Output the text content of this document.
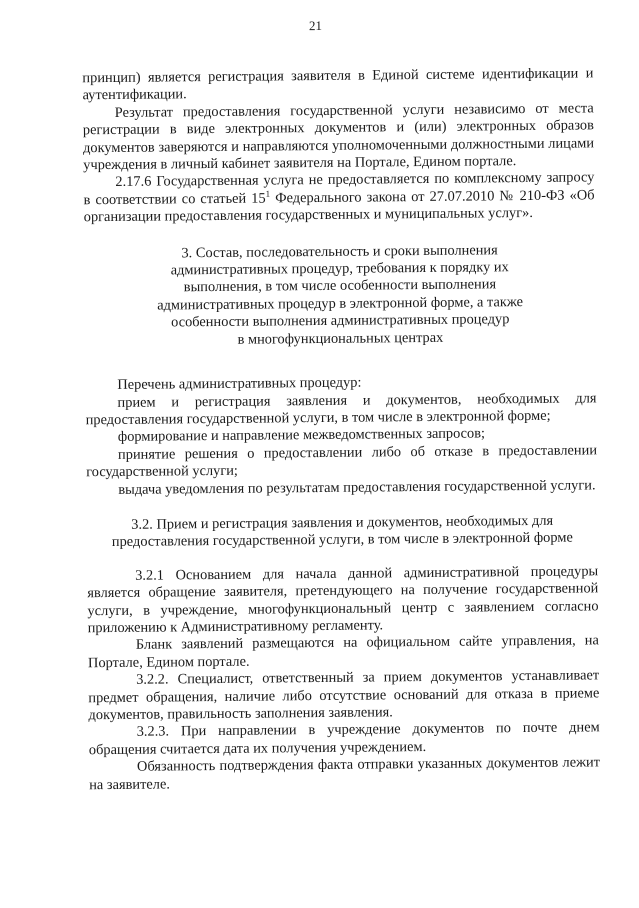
21

принцип) является регистрация заявителя в Единой системе идентификации и аутентификации.

Результат предоставления государственной услуги независимо от места регистрации в виде электронных документов и (или) электронных образов документов заверяются и направляются уполномоченными должностными лицами учреждения в личный кабинет заявителя на Портале, Едином портале.

2.17.6 Государственная услуга не предоставляется по комплексному запросу в соответствии со статьей $15^1$ Федерального закона от 27.07.2010 № 210-ФЗ «Об организации предоставления государственных и муниципальных услуг».

3. Состав, последовательность и сроки выполнения
административных процедур, требования к порядку их
выполнения, в том числе особенности выполнения
административных процедур в электронной форме, а также
особенности выполнения административных процедур
в многофункциональных центрах

Перечень административных процедур:

прием и регистрация заявления и документов, необходимых для предоставления государственной услуги, в том числе в электронной форме;

формирование и направление межведомственных запросов;

принятие решения о предоставлении либо об отказе в предоставлении государственной услуги;

выдача уведомления по результатам предоставления государственной услуги.

3.2. Прием и регистрация заявления и документов, необходимых для
предоставления государственной услуги, в том числе в электронной форме

3.2.1 Основанием для начала данной административной процедуры является обращение заявителя, претендующего на получение государственной услуги, в учреждение, многофункциональный центр с заявлением согласно приложению к Административному регламенту.

Бланк заявлений размещаются на официальном сайте управления, на Портале, Едином портале.

3.2.2. Специалист, ответственный за прием документов устанавливает предмет обращения, наличие либо отсутствие оснований для отказа в приеме документов, правильность заполнения заявления.

3.2.3. При направлении в учреждение документов по почте днем обращения считается дата их получения учреждением.

Обязанность подтверждения факта отправки указанных документов лежит на заявителе.
